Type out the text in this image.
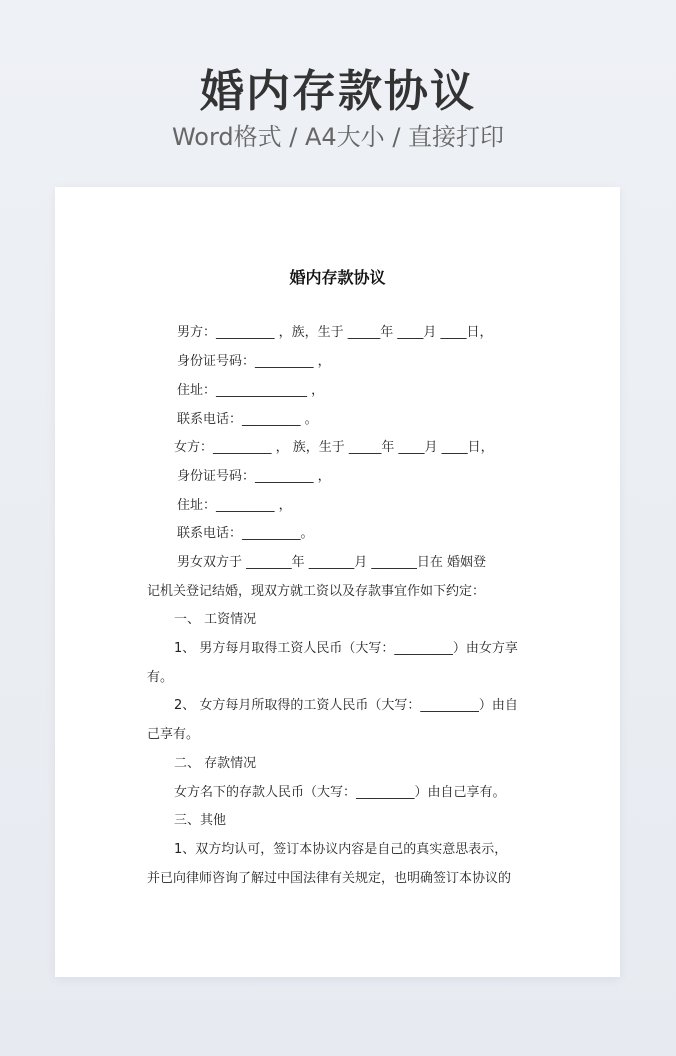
婚内存款协议
Word格式 / A4大小 / 直接打印
婚内存款协议
男方：_________ ，族，生于 _____年 ____月 ____日，
身份证号码：_________ ，
住址：______________ ，
联系电话：_________ 。
女方：_________ ， 族，生于 _____年 ____月 ____日，
身份证号码：_________ ，
住址：_________ ，
联系电话：_________。
男女双方于 _______年 _______月 _______日在 婚姻登
记机关登记结婚，现双方就工资以及存款事宜作如下约定：
一、 工资情况
1、 男方每月取得工资人民币（大写：_________）由女方享
有。
2、 女方每月所取得的工资人民币（大写：_________）由自
己享有。
二、 存款情况
女方名下的存款人民币（大写：_________）由自己享有。
三、其他
1、双方均认可，签订本协议内容是自己的真实意思表示，
并已向律师咨询了解过中国法律有关规定，也明确签订本协议的
